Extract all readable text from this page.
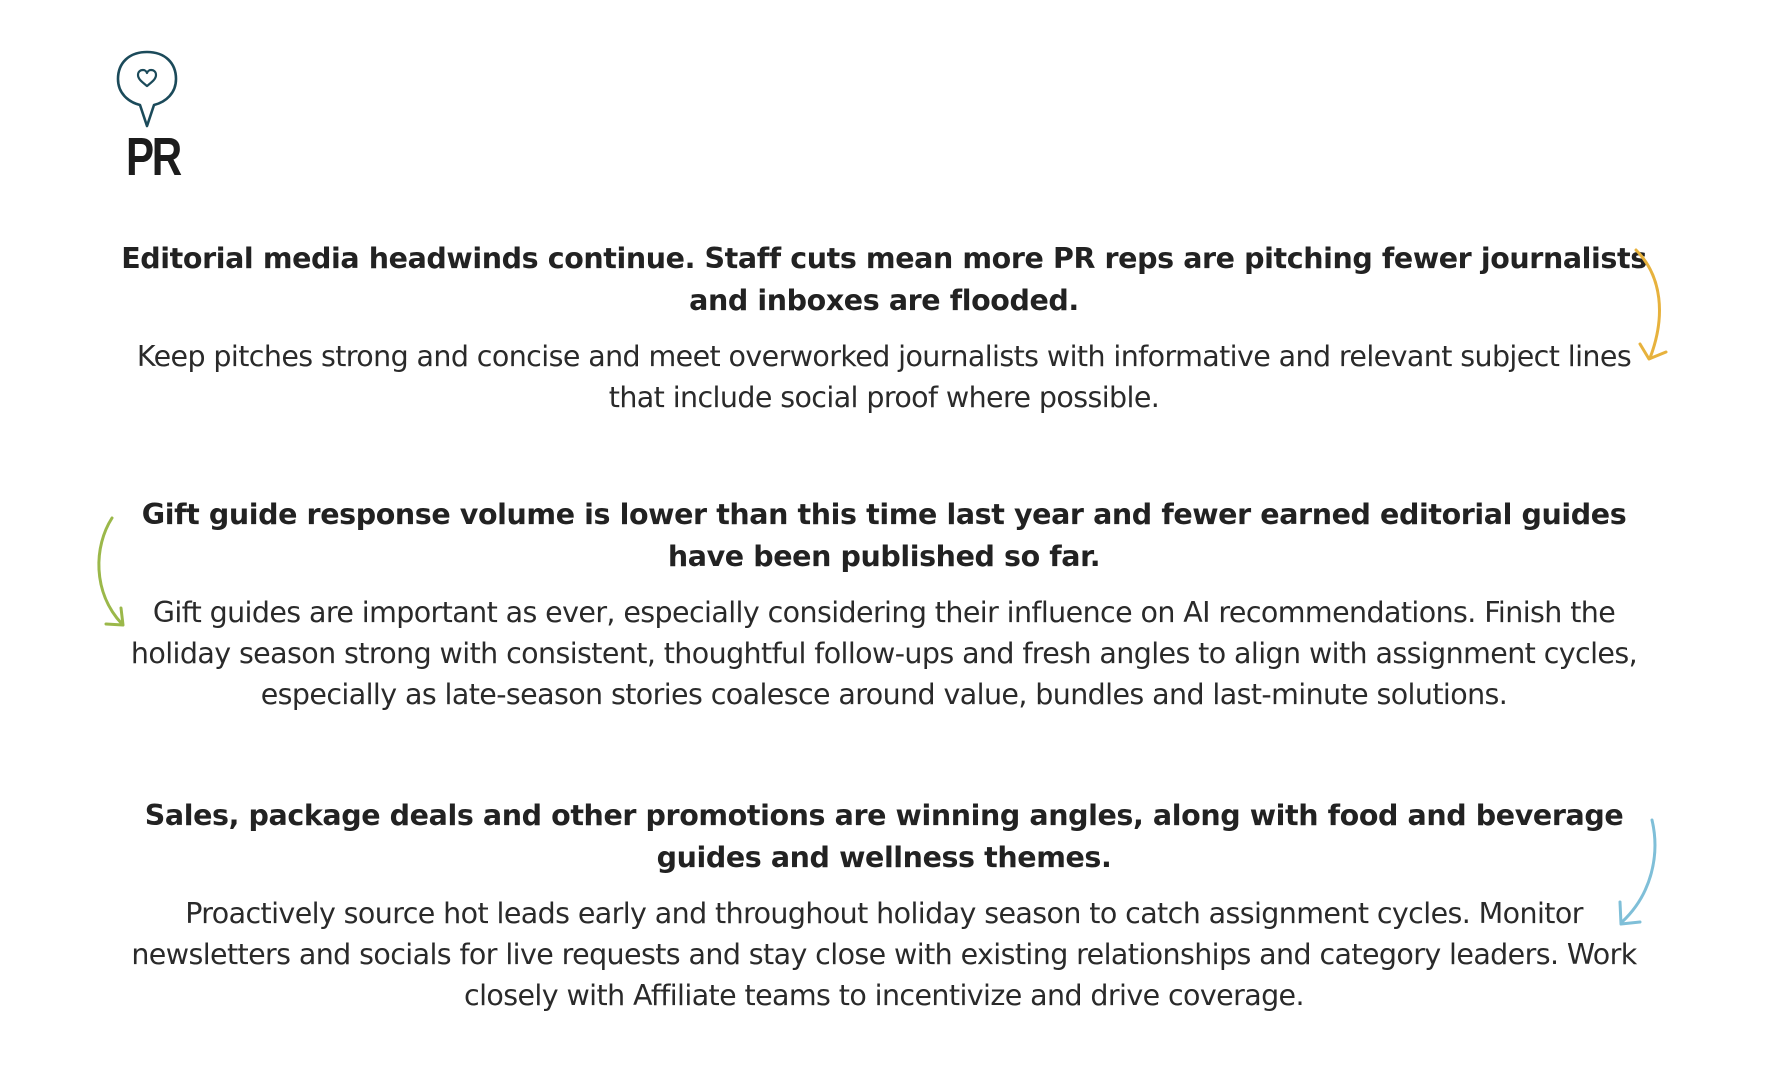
PR

Editorial media headwinds continue. Staff cuts mean more PR reps are pitching fewer journalists and inboxes are flooded.

Keep pitches strong and concise and meet overworked journalists with informative and relevant subject lines that include social proof where possible.

Gift guide response volume is lower than this time last year and fewer earned editorial guides have been published so far.

Gift guides are important as ever, especially considering their influence on AI recommendations. Finish the holiday season strong with consistent, thoughtful follow-ups and fresh angles to align with assignment cycles, especially as late-season stories coalesce around value, bundles and last-minute solutions.

Sales, package deals and other promotions are winning angles, along with food and beverage guides and wellness themes.

Proactively source hot leads early and throughout holiday season to catch assignment cycles. Monitor newsletters and socials for live requests and stay close with existing relationships and category leaders. Work closely with Affiliate teams to incentivize and drive coverage.
